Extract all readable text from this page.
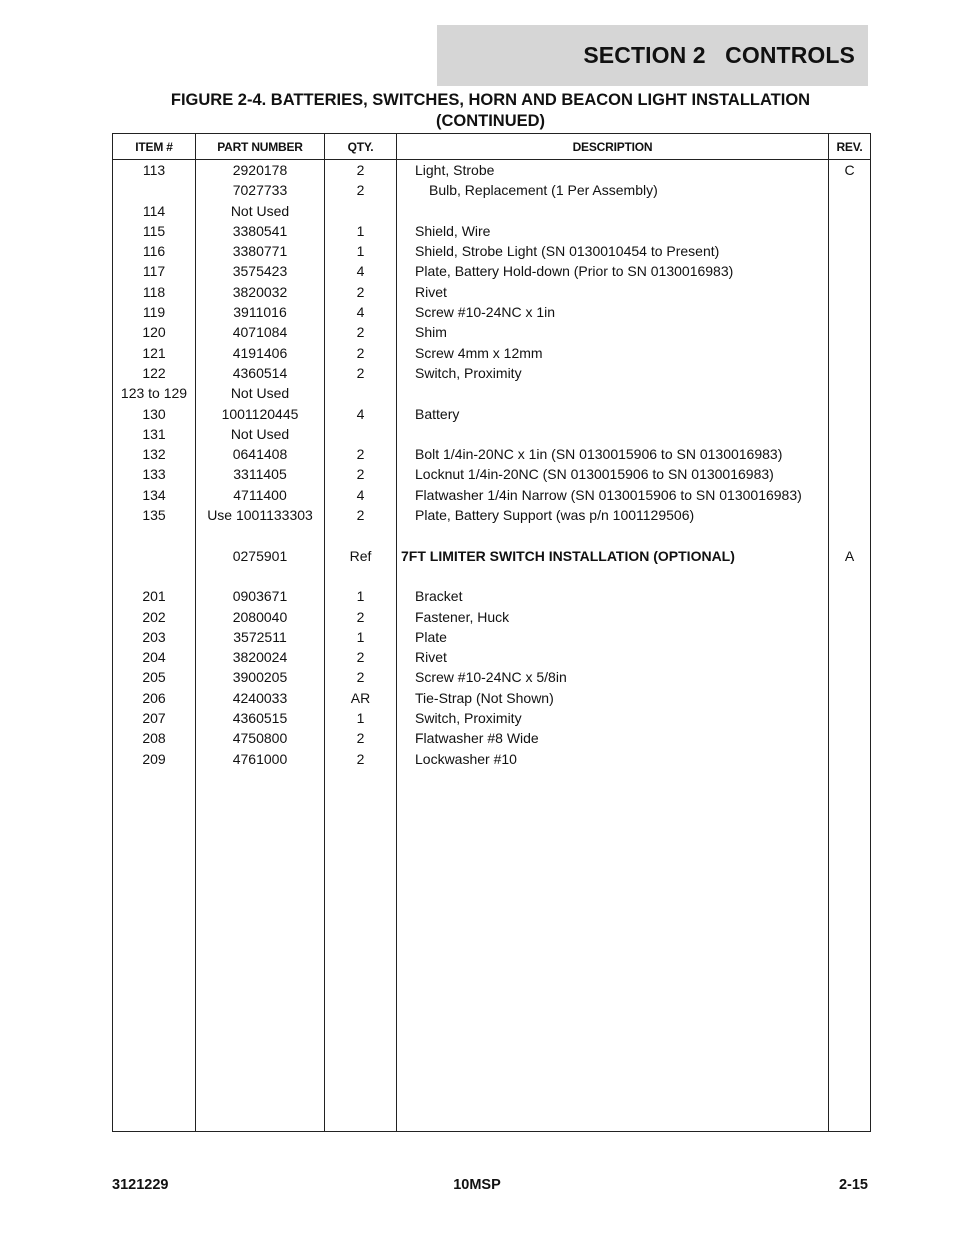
SECTION 2   CONTROLS
FIGURE 2-4. BATTERIES, SWITCHES, HORN AND BEACON LIGHT INSTALLATION
(CONTINUED)
ITEM #	PART NUMBER	QTY.	DESCRIPTION	REV.
113	2920178	2	Light, Strobe	C
	7027733	2	Bulb, Replacement (1 Per Assembly)	
114	Not Used			
115	3380541	1	Shield, Wire	
116	3380771	1	Shield, Strobe Light (SN 0130010454 to Present)	
117	3575423	4	Plate, Battery Hold-down (Prior to SN 0130016983)	
118	3820032	2	Rivet	
119	3911016	4	Screw #10-24NC x 1in	
120	4071084	2	Shim	
121	4191406	2	Screw 4mm x 12mm	
122	4360514	2	Switch, Proximity	
123 to 129	Not Used			
130	1001120445	4	Battery	
131	Not Used			
132	0641408	2	Bolt 1/4in-20NC x 1in (SN 0130015906 to SN 0130016983)	
133	3311405	2	Locknut 1/4in-20NC (SN 0130015906 to SN 0130016983)	
134	4711400	4	Flatwasher 1/4in Narrow (SN 0130015906 to SN 0130016983)	
135	Use 1001133303	2	Plate, Battery Support (was p/n 1001129506)	

	0275901	Ref	7FT LIMITER SWITCH INSTALLATION (OPTIONAL)	A

201	0903671	1	Bracket	
202	2080040	2	Fastener, Huck	
203	3572511	1	Plate	
204	3820024	2	Rivet	
205	3900205	2	Screw #10-24NC x 5/8in	
206	4240033	AR	Tie-Strap (Not Shown)	
207	4360515	1	Switch, Proximity	
208	4750800	2	Flatwasher #8 Wide	
209	4761000	2	Lockwasher #10	

3121229	10MSP	2-15
